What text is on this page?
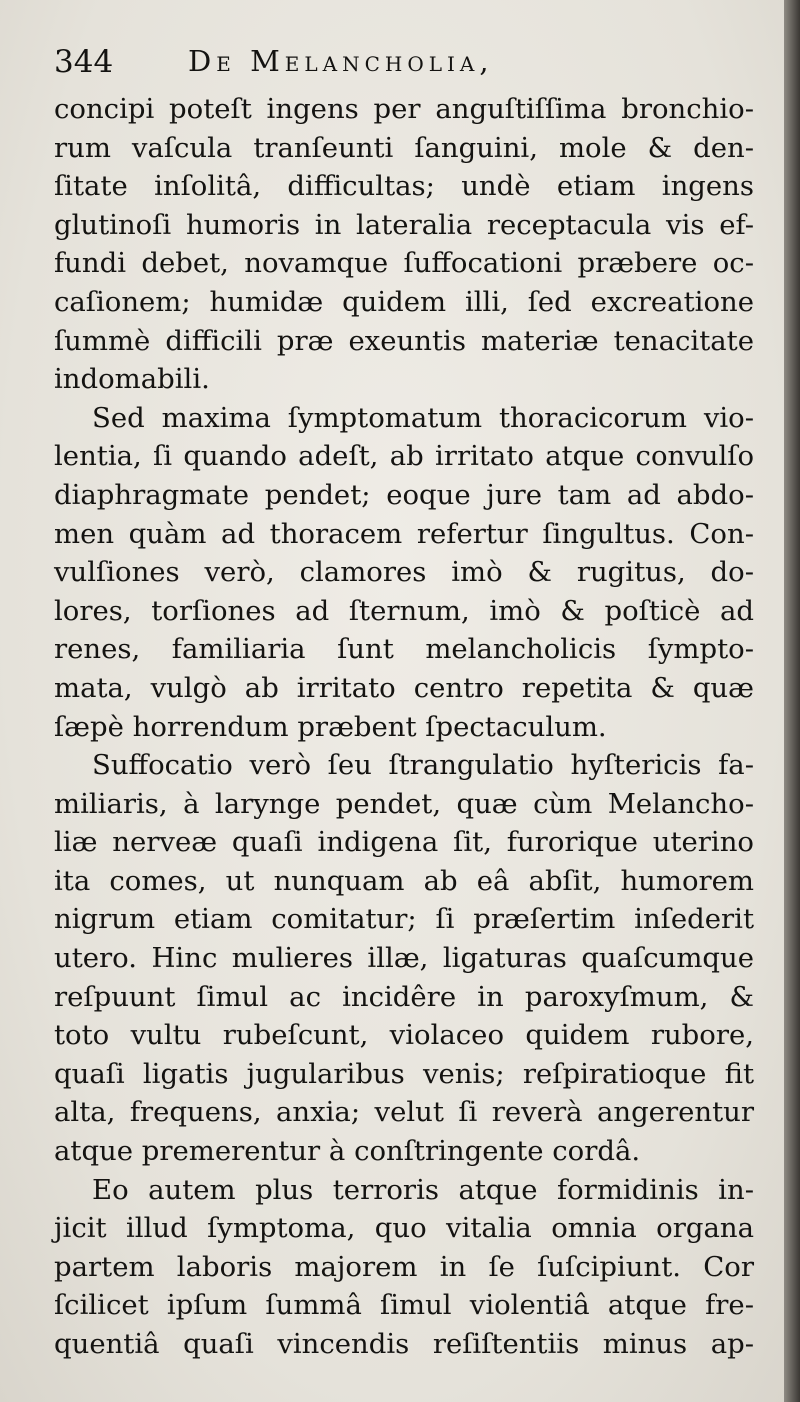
344	De Melancholia,
concipi poteſt ingens per anguſtiſſima bronchio-
rum vaſcula tranſeunti ſanguini, mole & den-
ſitate inſolitâ, difficultas; undè etiam ingens
glutinoſi humoris in lateralia receptacula vis ef-
fundi debet, novamque ſuffocationi præbere oc-
caſionem; humidæ quidem illi, ſed excreatione
ſummè difficili præ exeuntis materiæ tenacitate
indomabili.
Sed maxima ſymptomatum thoracicorum vio-
lentia, ſi quando adeſt, ab irritato atque convulſo
diaphragmate pendet; eoque jure tam ad abdo-
men quàm ad thoracem refertur ſingultus. Con-
vulſiones verò, clamores imò & rugitus, do-
lores, torſiones ad ſternum, imò & poſticè ad
renes, familiaria ſunt melancholicis ſympto-
mata, vulgò ab irritato centro repetita & quæ
ſæpè horrendum præbent ſpectaculum.
Suffocatio verò ſeu ſtrangulatio hyſtericis fa-
miliaris, à larynge pendet, quæ cùm Melancho-
liæ nerveæ quaſi indigena ſit, furorique uterino
ita comes, ut nunquam ab eâ abſit, humorem
nigrum etiam comitatur; ſi præſertim inſederit
utero. Hinc mulieres illæ, ligaturas quaſcumque
reſpuunt ſimul ac incidêre in paroxyſmum, &
toto vultu rubeſcunt, violaceo quidem rubore,
quaſi ligatis jugularibus venis; reſpiratioque fit
alta, frequens, anxia; velut ſi reverà angerentur
atque premerentur à conſtringente cordâ.
Eo autem plus terroris atque formidinis in-
jicit illud ſymptoma, quo vitalia omnia organa
partem laboris majorem in ſe ſuſcipiunt. Cor
ſcilicet ipſum ſummâ ſimul violentiâ atque fre-
quentiâ quaſi vincendis reſiſtentiis minus ap-
